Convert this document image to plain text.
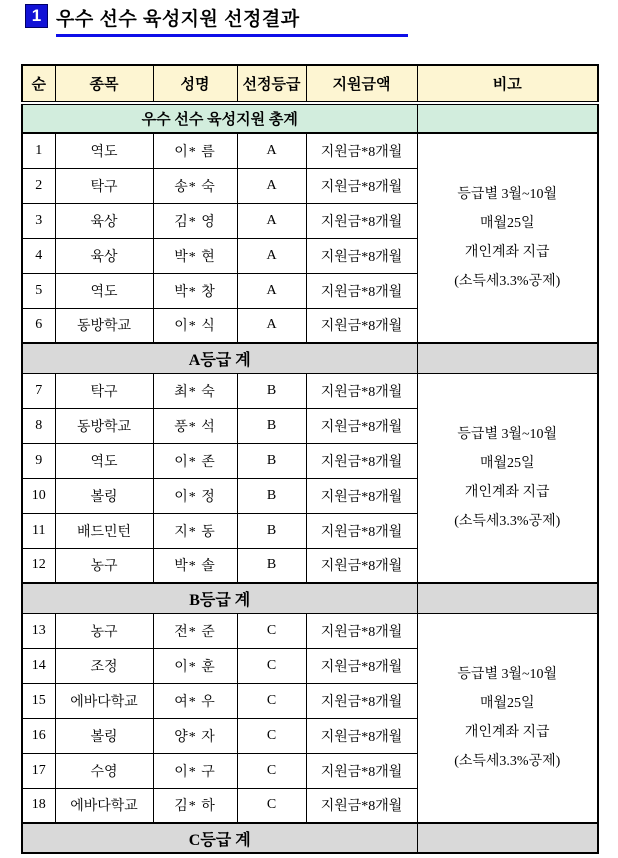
1 우수 선수 육성지원 선정결과
순	종목	성명	선정등급	지원금액	비고
우수 선수 육성지원 총계					
1	역도	이* 름	A	지원금*8개월	등급별 3월~10월
매월25일
개인계좌 지급
(소득세3.3%공제)

2	탁구	송* 숙	A	지원금*8개월	
3	육상	김* 영	A	지원금*8개월	
4	육상	박* 현	A	지원금*8개월	
5	역도	박* 창	A	지원금*8개월	
6	동방학교	이* 식	A	지원금*8개월	
A등급 계					
7	탁구	최* 숙	B	지원금*8개월	등급별 3월~10월
매월25일
개인계좌 지급
(소득세3.3%공제)

8	동방학교	풍* 석	B	지원금*8개월	
9	역도	이* 존	B	지원금*8개월	
10	볼링	이* 정	B	지원금*8개월	
11	배드민턴	지* 동	B	지원금*8개월	
12	농구	박* 솔	B	지원금*8개월	
B등급 계					
13	농구	전* 준	C	지원금*8개월	등급별 3월~10월
매월25일
개인계좌 지급
(소득세3.3%공제)

14	조정	이* 훈	C	지원금*8개월	
15	에바다학교	여* 우	C	지원금*8개월	
16	볼링	양* 자	C	지원금*8개월	
17	수영	이* 구	C	지원금*8개월	
18	에바다학교	김* 하	C	지원금*8개월	
C등급 계					
